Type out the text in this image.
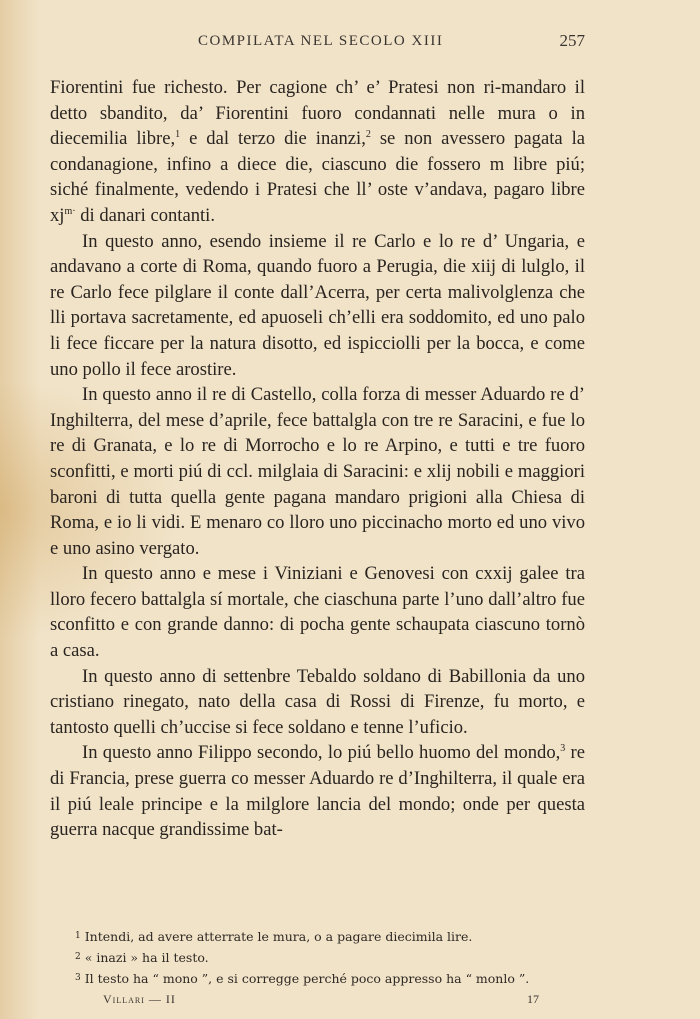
COMPILATA NEL SECOLO XIII	257

Fiorentini fue richesto. Per cagione ch’ e’ Pratesi non ri-mandaro il detto sbandito, da’ Fiorentini fuoro condannati nelle mura o in diecemilia libre,$^1$ e dal terzo die inanzi,$^2$ se non avessero pagata la condanagione, infino a diece die, ciascuno die fossero m libre piú; siché finalmente, vedendo i Pratesi che ll’ oste v’andava, pagaro libre $xj^{m\cdot}$ di danari contanti.

In questo anno, esendo insieme il re Carlo e lo re d’ Ungaria, e andavano a corte di Roma, quando fuoro a Perugia, die xiij di lulglo, il re Carlo fece pilglare il conte dall’Acerra, per certa malivolglenza che lli portava sacretamente, ed apuoseli ch’elli era soddomito, ed uno palo li fece ficcare per la natura disotto, ed ispicciolli per la bocca, e come uno pollo il fece arostire.

In questo anno il re di Castello, colla forza di messer Aduardo re d’ Inghilterra, del mese d’aprile, fece battalgla con tre re Saracini, e fue lo re di Granata, e lo re di Morrocho e lo re Arpino, e tutti e tre fuoro sconfitti, e morti piú di ccl. milglaia di Saracini: e xlij nobili e maggiori baroni di tutta quella gente pagana mandaro prigioni alla Chiesa di Roma, e io li vidi. E menaro co lloro uno piccinacho morto ed uno vivo e uno asino vergato.

In questo anno e mese i Viniziani e Genovesi con cxxij galee tra lloro fecero battalgla sí mortale, che ciaschuna parte l’uno dall’altro fue sconfitto e con grande danno: di pocha gente schaupata ciascuno tornò a casa.

In questo anno di settenbre Tebaldo soldano di Babillonia da uno cristiano rinegato, nato della casa di Rossi di Firenze, fu morto, e tantosto quelli ch’uccise si fece soldano e tenne l’uficio.

In questo anno Filippo secondo, lo piú bello huomo del mondo,$^3$ re di Francia, prese guerra co messer Aduardo re d’Inghilterra, il quale era il piú leale principe e la milglore lancia del mondo; onde per questa guerra nacque grandissime bat-

$^1$ Intendi, ad avere atterrate le mura, o a pagare diecimila lire.
$^2$ « inazi » ha il testo.
$^3$ Il testo ha “ mono ”, e si corregge perché poco appresso ha “ monlo ”.
Villari — II	17
